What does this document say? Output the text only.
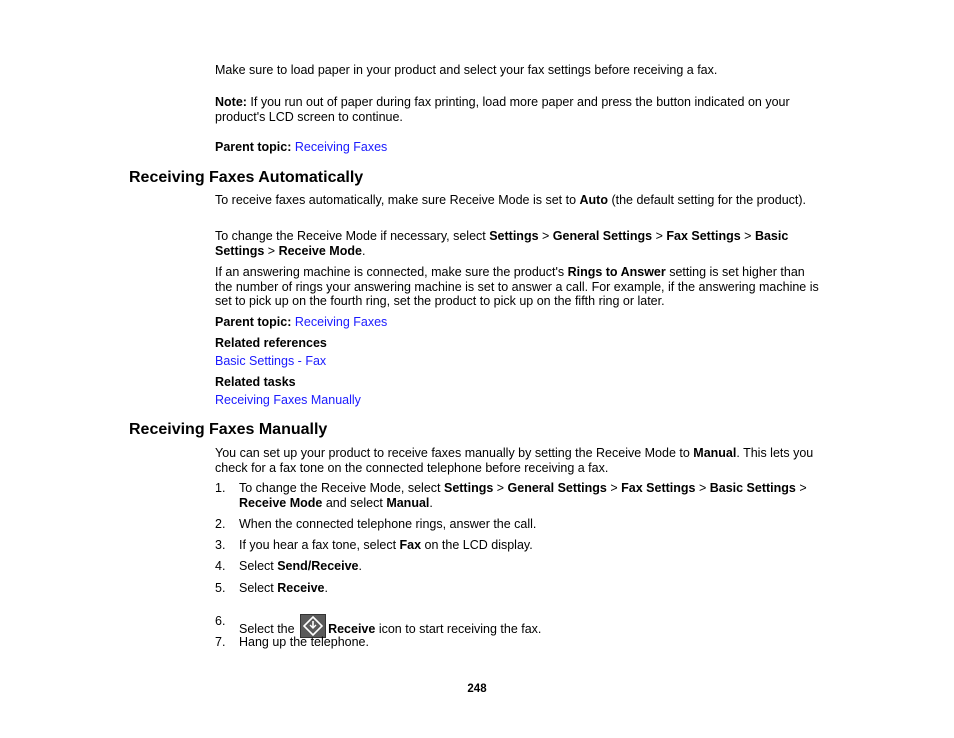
Make sure to load paper in your product and select your fax settings before receiving a fax.
Note: If you run out of paper during fax printing, load more paper and press the button indicated on your product's LCD screen to continue.
Parent topic: Receiving Faxes
Receiving Faxes Automatically
To receive faxes automatically, make sure Receive Mode is set to Auto (the default setting for the product).
To change the Receive Mode if necessary, select Settings > General Settings > Fax Settings > Basic Settings > Receive Mode.
If an answering machine is connected, make sure the product's Rings to Answer setting is set higher than the number of rings your answering machine is set to answer a call. For example, if the answering machine is set to pick up on the fourth ring, set the product to pick up on the fifth ring or later.
Parent topic: Receiving Faxes
Related references
Basic Settings - Fax
Related tasks
Receiving Faxes Manually
Receiving Faxes Manually
You can set up your product to receive faxes manually by setting the Receive Mode to Manual. This lets you check for a fax tone on the connected telephone before receiving a fax.
1.	To change the Receive Mode, select Settings > General Settings > Fax Settings > Basic Settings > Receive Mode and select Manual.
2.	When the connected telephone rings, answer the call.
3.	If you hear a fax tone, select Fax on the LCD display.
4.	Select Send/Receive.
5.	Select Receive.
6.
Select the
Receive icon to start receiving the fax.
7.	Hang up the telephone.
248
